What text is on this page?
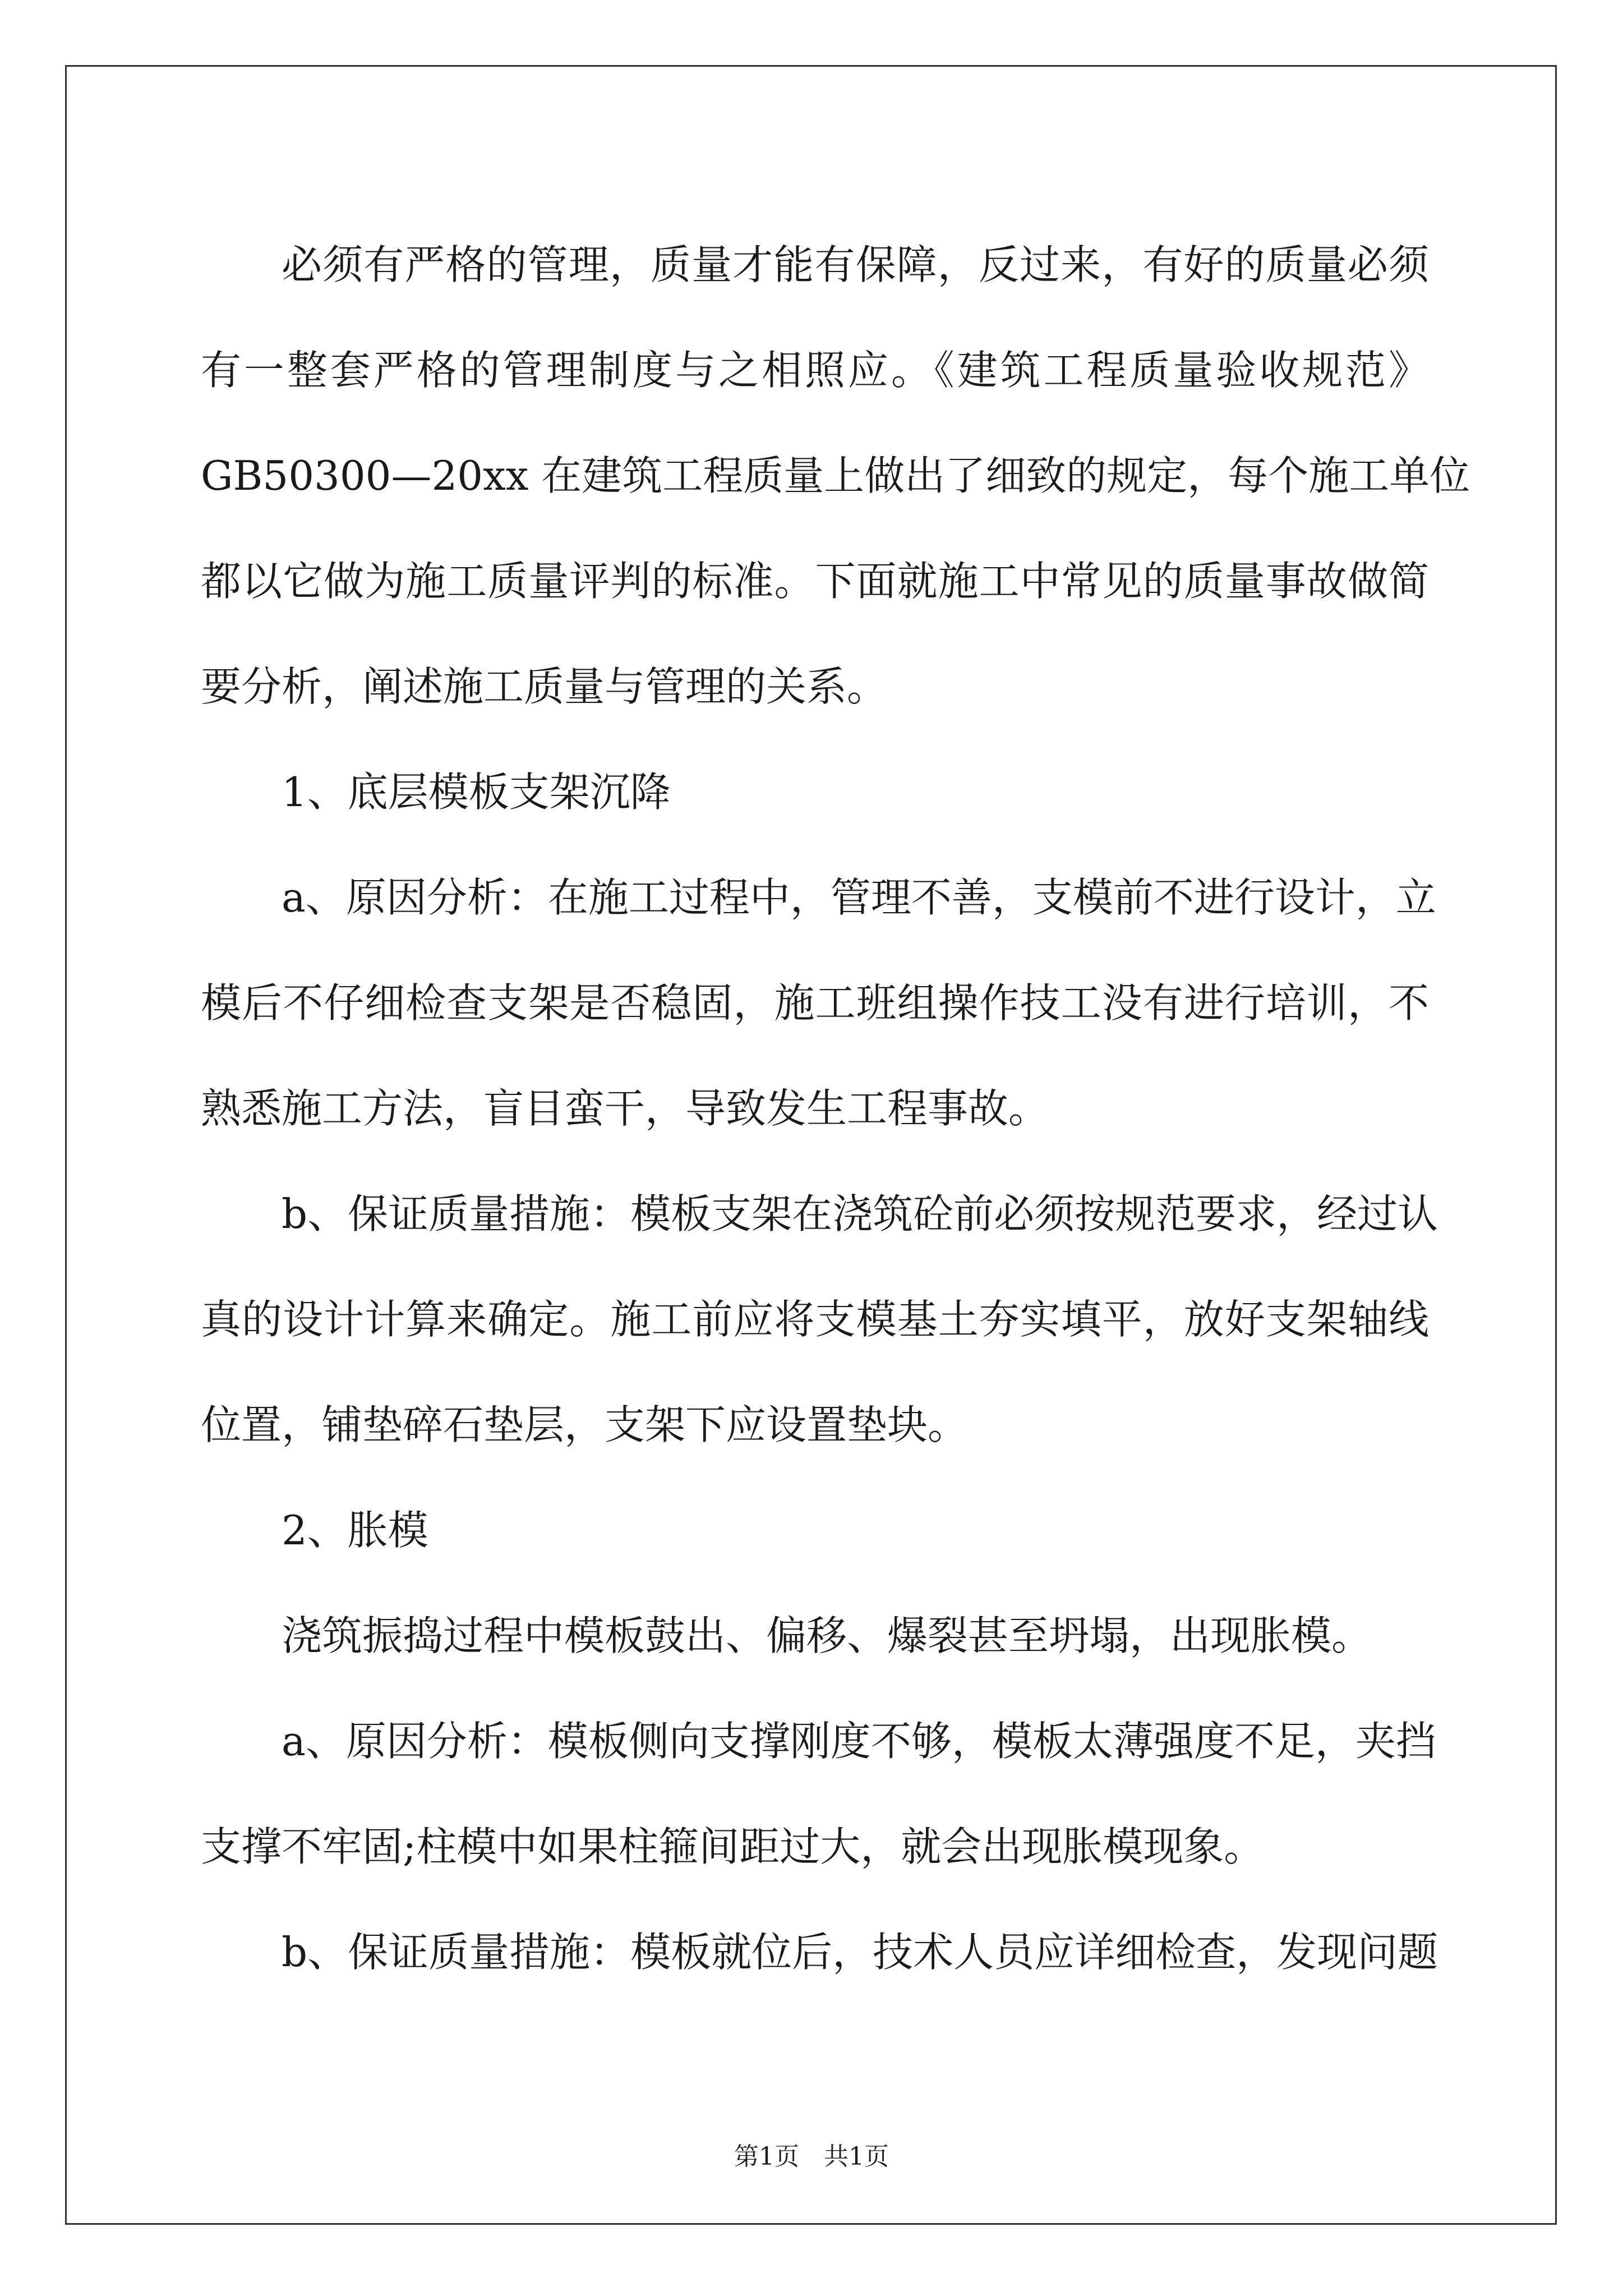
必须有严格的管理，质量才能有保障，反过来，有好的质量必须
有一整套严格的管理制度与之相照应。《建筑工程质量验收规范》
GB50300—20xx 在建筑工程质量上做出了细致的规定，每个施工单位
都以它做为施工质量评判的标准。下面就施工中常见的质量事故做简
要分析，阐述施工质量与管理的关系。
1、底层模板支架沉降
a、原因分析：在施工过程中，管理不善，支模前不进行设计，立
模后不仔细检查支架是否稳固，施工班组操作技工没有进行培训，不
熟悉施工方法，盲目蛮干，导致发生工程事故。
b、保证质量措施：模板支架在浇筑砼前必须按规范要求，经过认
真的设计计算来确定。施工前应将支模基土夯实填平，放好支架轴线
位置，铺垫碎石垫层，支架下应设置垫块。
2、胀模
浇筑振捣过程中模板鼓出、偏移、爆裂甚至坍塌，出现胀模。
a、原因分析：模板侧向支撑刚度不够，模板太薄强度不足，夹挡
支撑不牢固;柱模中如果柱箍间距过大，就会出现胀模现象。
b、保证质量措施：模板就位后，技术人员应详细检查，发现问题
第1页　共1页
